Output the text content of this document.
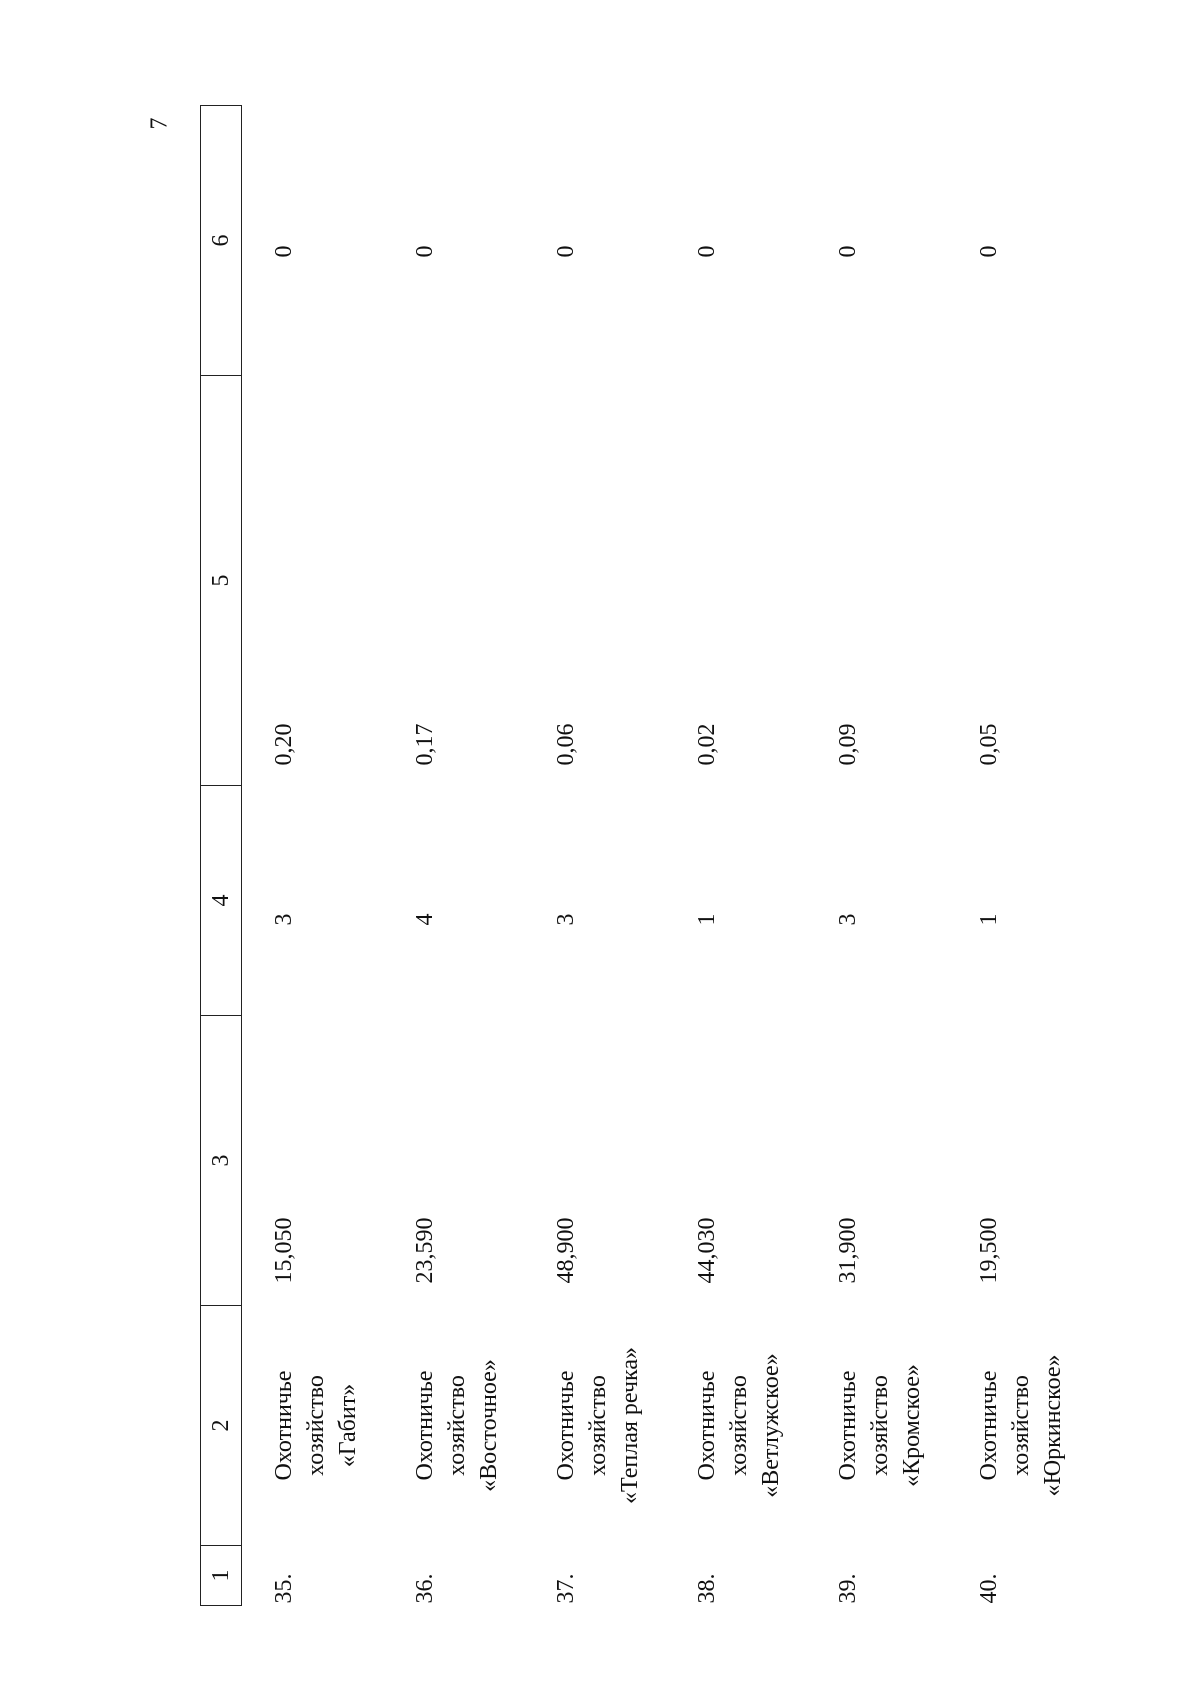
7
1	2	3	4	5	6
35.	Охотничье хозяйство «Габит»	15,050	3	0,20	0
36.	Охотничье хозяйство «Восточное»	23,590	4	0,17	0
37.	Охотничье хозяйство «Теплая речка»	48,900	3	0,06	0
38.	Охотничье хозяйство «Ветлужское»	44,030	1	0,02	0
39.	Охотничье хозяйство «Кромское»	31,900	3	0,09	0
40.	Охотничье хозяйство «Юркинское»	19,500	1	0,05	0
